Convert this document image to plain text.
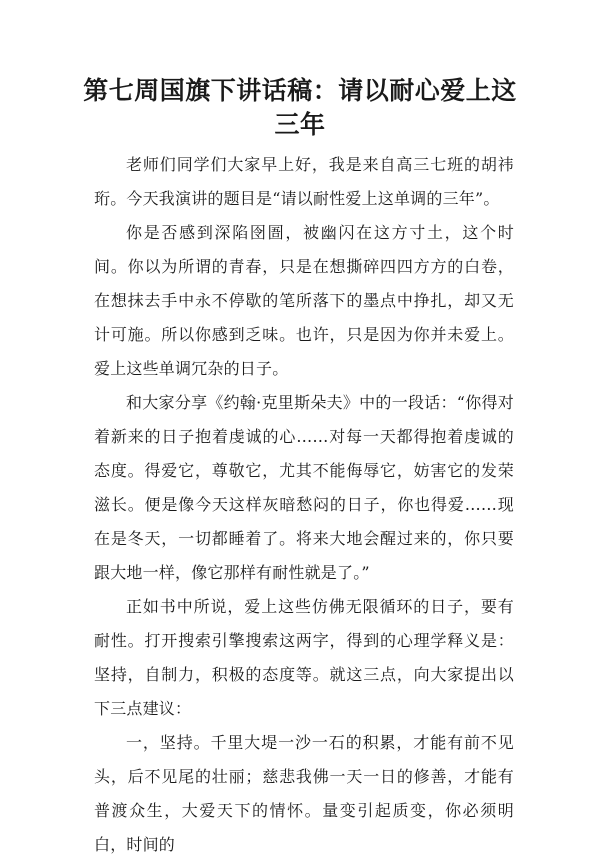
第七周国旗下讲话稿：请以耐心爱上这三年

老师们同学们大家早上好，我是来自高三七班的胡祎珩。今天我演讲的题目是“请以耐性爱上这单调的三年”。

你是否感到深陷囹圄，被幽闪在这方寸土，这个时间。你以为所谓的青春，只是在想撕碎四四方方的白卷，在想抹去手中永不停歇的笔所落下的墨点中挣扎，却又无计可施。所以你感到乏味。也许，只是因为你并未爱上。爱上这些单调冗杂的日子。

和大家分享《约翰·克里斯朵夫》中的一段话：“你得对着新来的日子抱着虔诚的心……对每一天都得抱着虔诚的态度。得爱它，尊敬它，尤其不能侮辱它，妨害它的发荣滋长。便是像今天这样灰暗愁闷的日子，你也得爱……现在是冬天，一切都睡着了。将来大地会醒过来的，你只要跟大地一样，像它那样有耐性就是了。”

正如书中所说，爱上这些仿佛无限循环的日子，要有耐性。打开搜索引擎搜索这两字，得到的心理学释义是：坚持，自制力，积极的态度等。就这三点，向大家提出以下三点建议：

一，坚持。千里大堤一沙一石的积累，才能有前不见头，后不见尾的壮丽；慈悲我佛一天一日的修善，才能有普渡众生，大爱天下的情怀。量变引起质变，你必须明白，时间的
